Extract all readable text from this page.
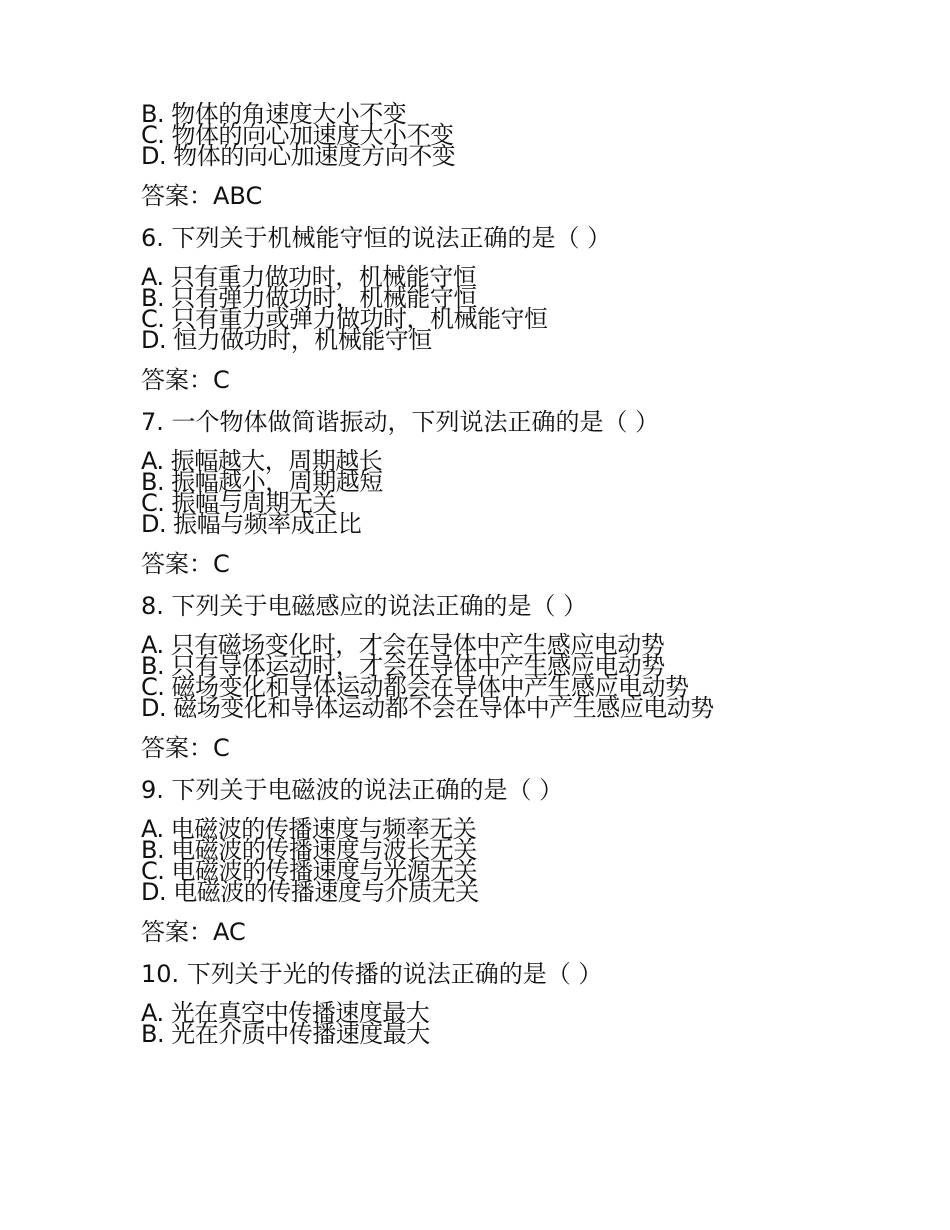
B. 物体的角速度大小不变
C. 物体的向心加速度大小不变
D. 物体的向心加速度方向不变
答案：ABC
6. 下列关于机械能守恒的说法正确的是（ ）
A. 只有重力做功时，机械能守恒
B. 只有弹力做功时，机械能守恒
C. 只有重力或弹力做功时，机械能守恒
D. 恒力做功时，机械能守恒
答案：C
7. 一个物体做简谐振动，下列说法正确的是（ ）
A. 振幅越大，周期越长
B. 振幅越小，周期越短
C. 振幅与周期无关
D. 振幅与频率成正比
答案：C
8. 下列关于电磁感应的说法正确的是（ ）
A. 只有磁场变化时，才会在导体中产生感应电动势
B. 只有导体运动时，才会在导体中产生感应电动势
C. 磁场变化和导体运动都会在导体中产生感应电动势
D. 磁场变化和导体运动都不会在导体中产生感应电动势
答案：C
9. 下列关于电磁波的说法正确的是（ ）
A. 电磁波的传播速度与频率无关
B. 电磁波的传播速度与波长无关
C. 电磁波的传播速度与光源无关
D. 电磁波的传播速度与介质无关
答案：AC
10. 下列关于光的传播的说法正确的是（ ）
A. 光在真空中传播速度最大
B. 光在介质中传播速度最大
